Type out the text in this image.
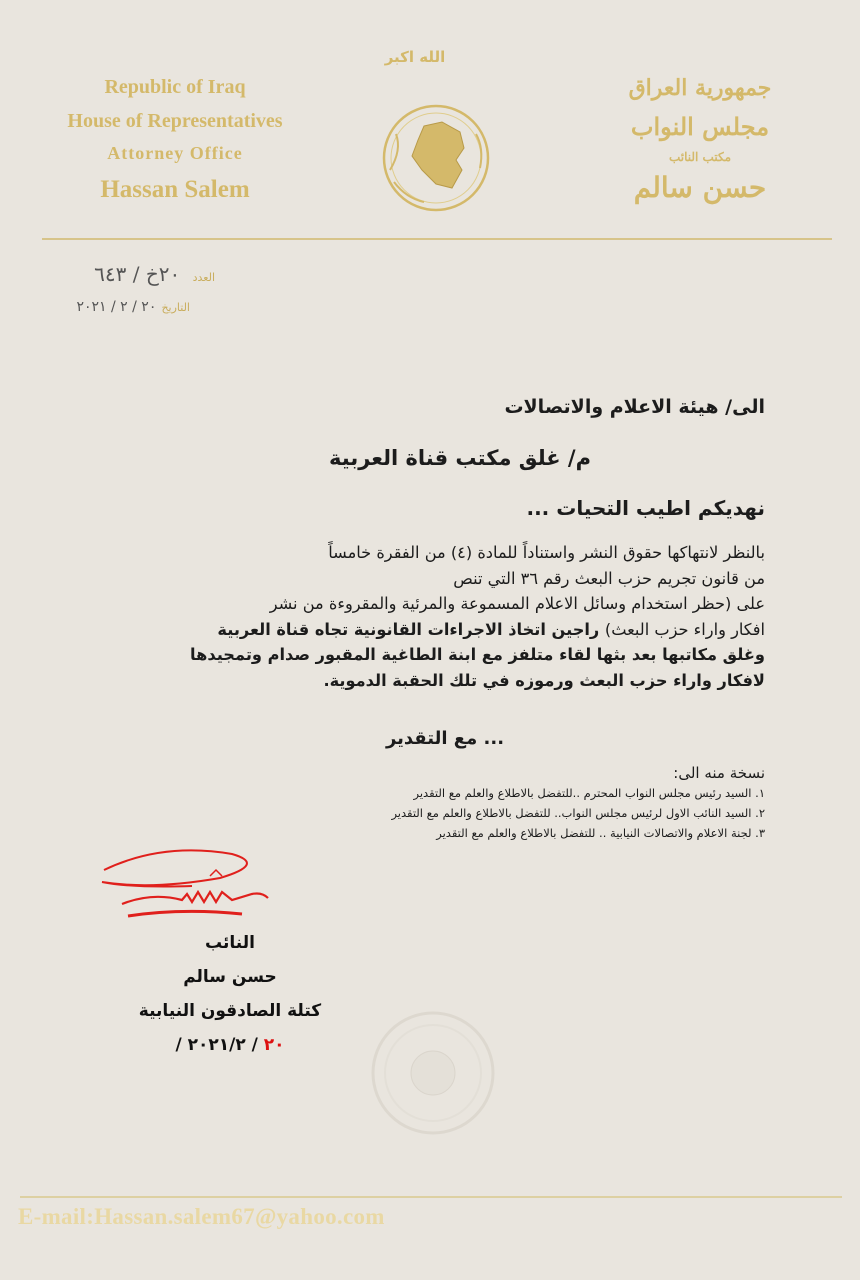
الله اكبر
Republic of Iraq
House of Representatives
Attorney Office
Hassan Salem
جمهورية العراق
مجلس النواب
مكتب النائب
حسن سالم
العدد ٢٠خ / ٦٤٣
التاريخ ٢٠ / ٢ / ٢٠٢١
الى/ هيئة الاعلام والاتصالات
م/ غلق مكتب قناة العربية
نهديكم اطيب التحيات ...
بالنظر لانتهاكها حقوق النشر واستناداً للمادة (٤) من الفقرة خامساً
من قانون تجريم حزب البعث رقم ٣٦ التي تنص
على (حظر استخدام وسائل الاعلام المسموعة والمرئية والمقروءة من نشر
افكار واراء حزب البعث) راجين اتخاذ الاجراءات القانونية تجاه قناة العربية
وغلق مكاتبها بعد بثها لقاء متلفز مع ابنة الطاغية المقبور صدام وتمجيدها
لافكار واراء حزب البعث ورموزه في تلك الحقبة الدموية.
... مع التقدير
نسخة منه الى:
١. السيد رئيس مجلس النواب المحترم ..للتفضل بالاطلاع والعلم مع التقدير
٢. السيد النائب الاول لرئيس مجلس النواب.. للتفضل بالاطلاع والعلم مع التقدير
٣. لجنة الاعلام والاتصالات النيابية .. للتفضل بالاطلاع والعلم مع التقدير
النائب
حسن سالم
كتلة الصادقون النيابية
٢٠ / ٢٠٢١/٢ /
E-mail:Hassan.salem67@yahoo.com
